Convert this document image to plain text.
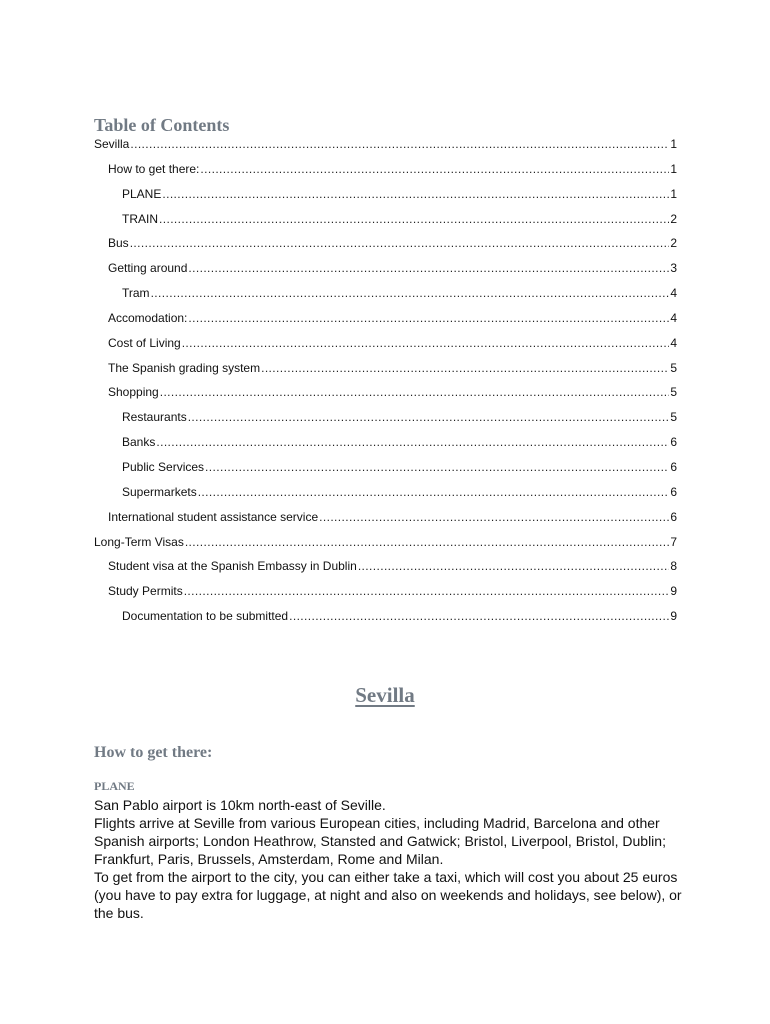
Table of Contents
Sevilla .....	1
How to get there: .....	1
PLANE .....	1
TRAIN .....	2
Bus .....	2
Getting around .....	3
Tram .....	4
Accomodation: .....	4
Cost of Living .....	4
The Spanish grading system .....	5
Shopping .....	5
Restaurants .....	5
Banks .....	6
Public Services .....	6
Supermarkets .....	6
International student assistance service .....	6
Long-Term Visas .....	7
Student visa at the Spanish Embassy in Dublin .....	8
Study Permits .....	9
Documentation to be submitted .....	9
Sevilla
How to get there:
PLANE

San Pablo airport is 10km north-east of Seville.

Flights arrive at Seville from various European cities, including Madrid, Barcelona and other Spanish airports; London Heathrow, Stansted and Gatwick; Bristol, Liverpool, Bristol, Dublin; Frankfurt, Paris, Brussels, Amsterdam, Rome and Milan.

To get from the airport to the city, you can either take a taxi, which will cost you about 25 euros (you have to pay extra for luggage, at night and also on weekends and holidays, see below), or the bus.
